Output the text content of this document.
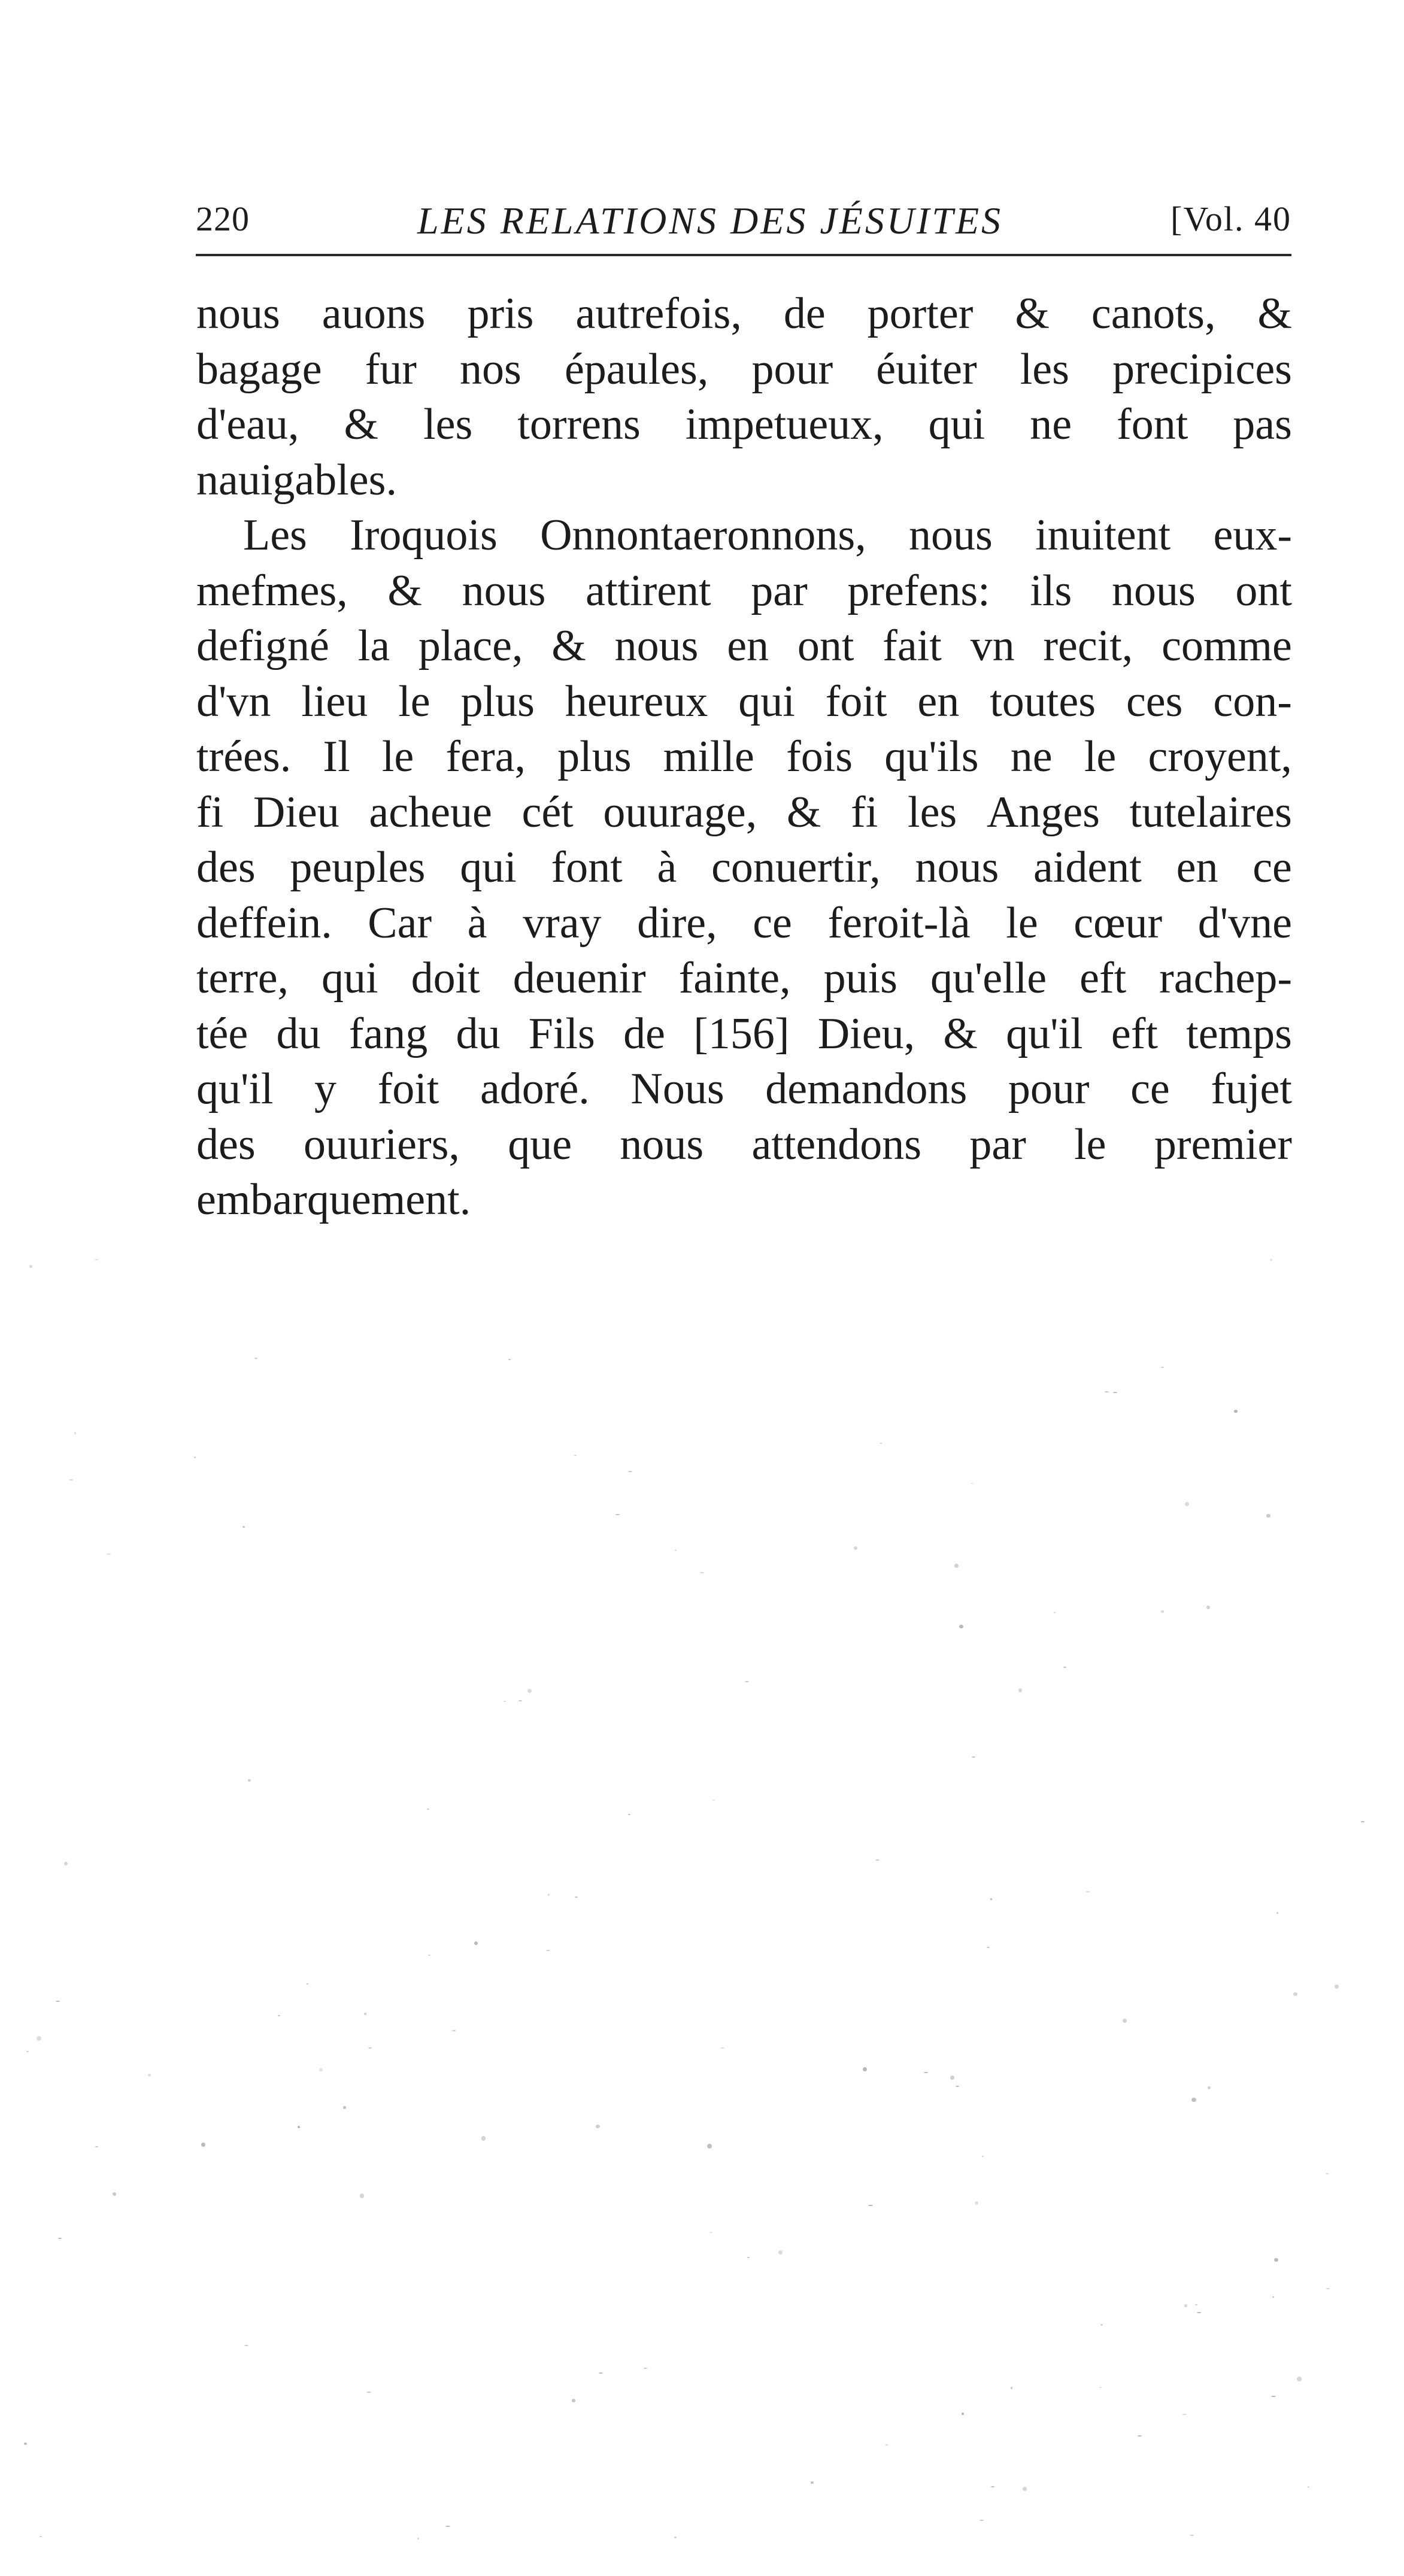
220	LES RELATIONS DES JÉSUITES	[Vol. 40
nous auons pris autrefois, de porter & canots, &
bagage fur nos épaules, pour éuiter les precipices
d'eau, & les torrens impetueux, qui ne font pas
nauigables.
Les Iroquois Onnontaeronnons, nous inuitent eux-
mefmes, & nous attirent par prefens: ils nous ont
defigné la place, & nous en ont fait vn recit, comme
d'vn lieu le plus heureux qui foit en toutes ces con-
trées. Il le fera, plus mille fois qu'ils ne le croyent,
fi Dieu acheue cét ouurage, & fi les Anges tutelaires
des peuples qui font à conuertir, nous aident en ce
deffein. Car à vray dire, ce feroit-là le cœur d'vne
terre, qui doit deuenir fainte, puis qu'elle eft rachep-
tée du fang du Fils de [156] Dieu, & qu'il eft temps
qu'il y foit adoré. Nous demandons pour ce fujet
des ouuriers, que nous attendons par le premier
embarquement.
